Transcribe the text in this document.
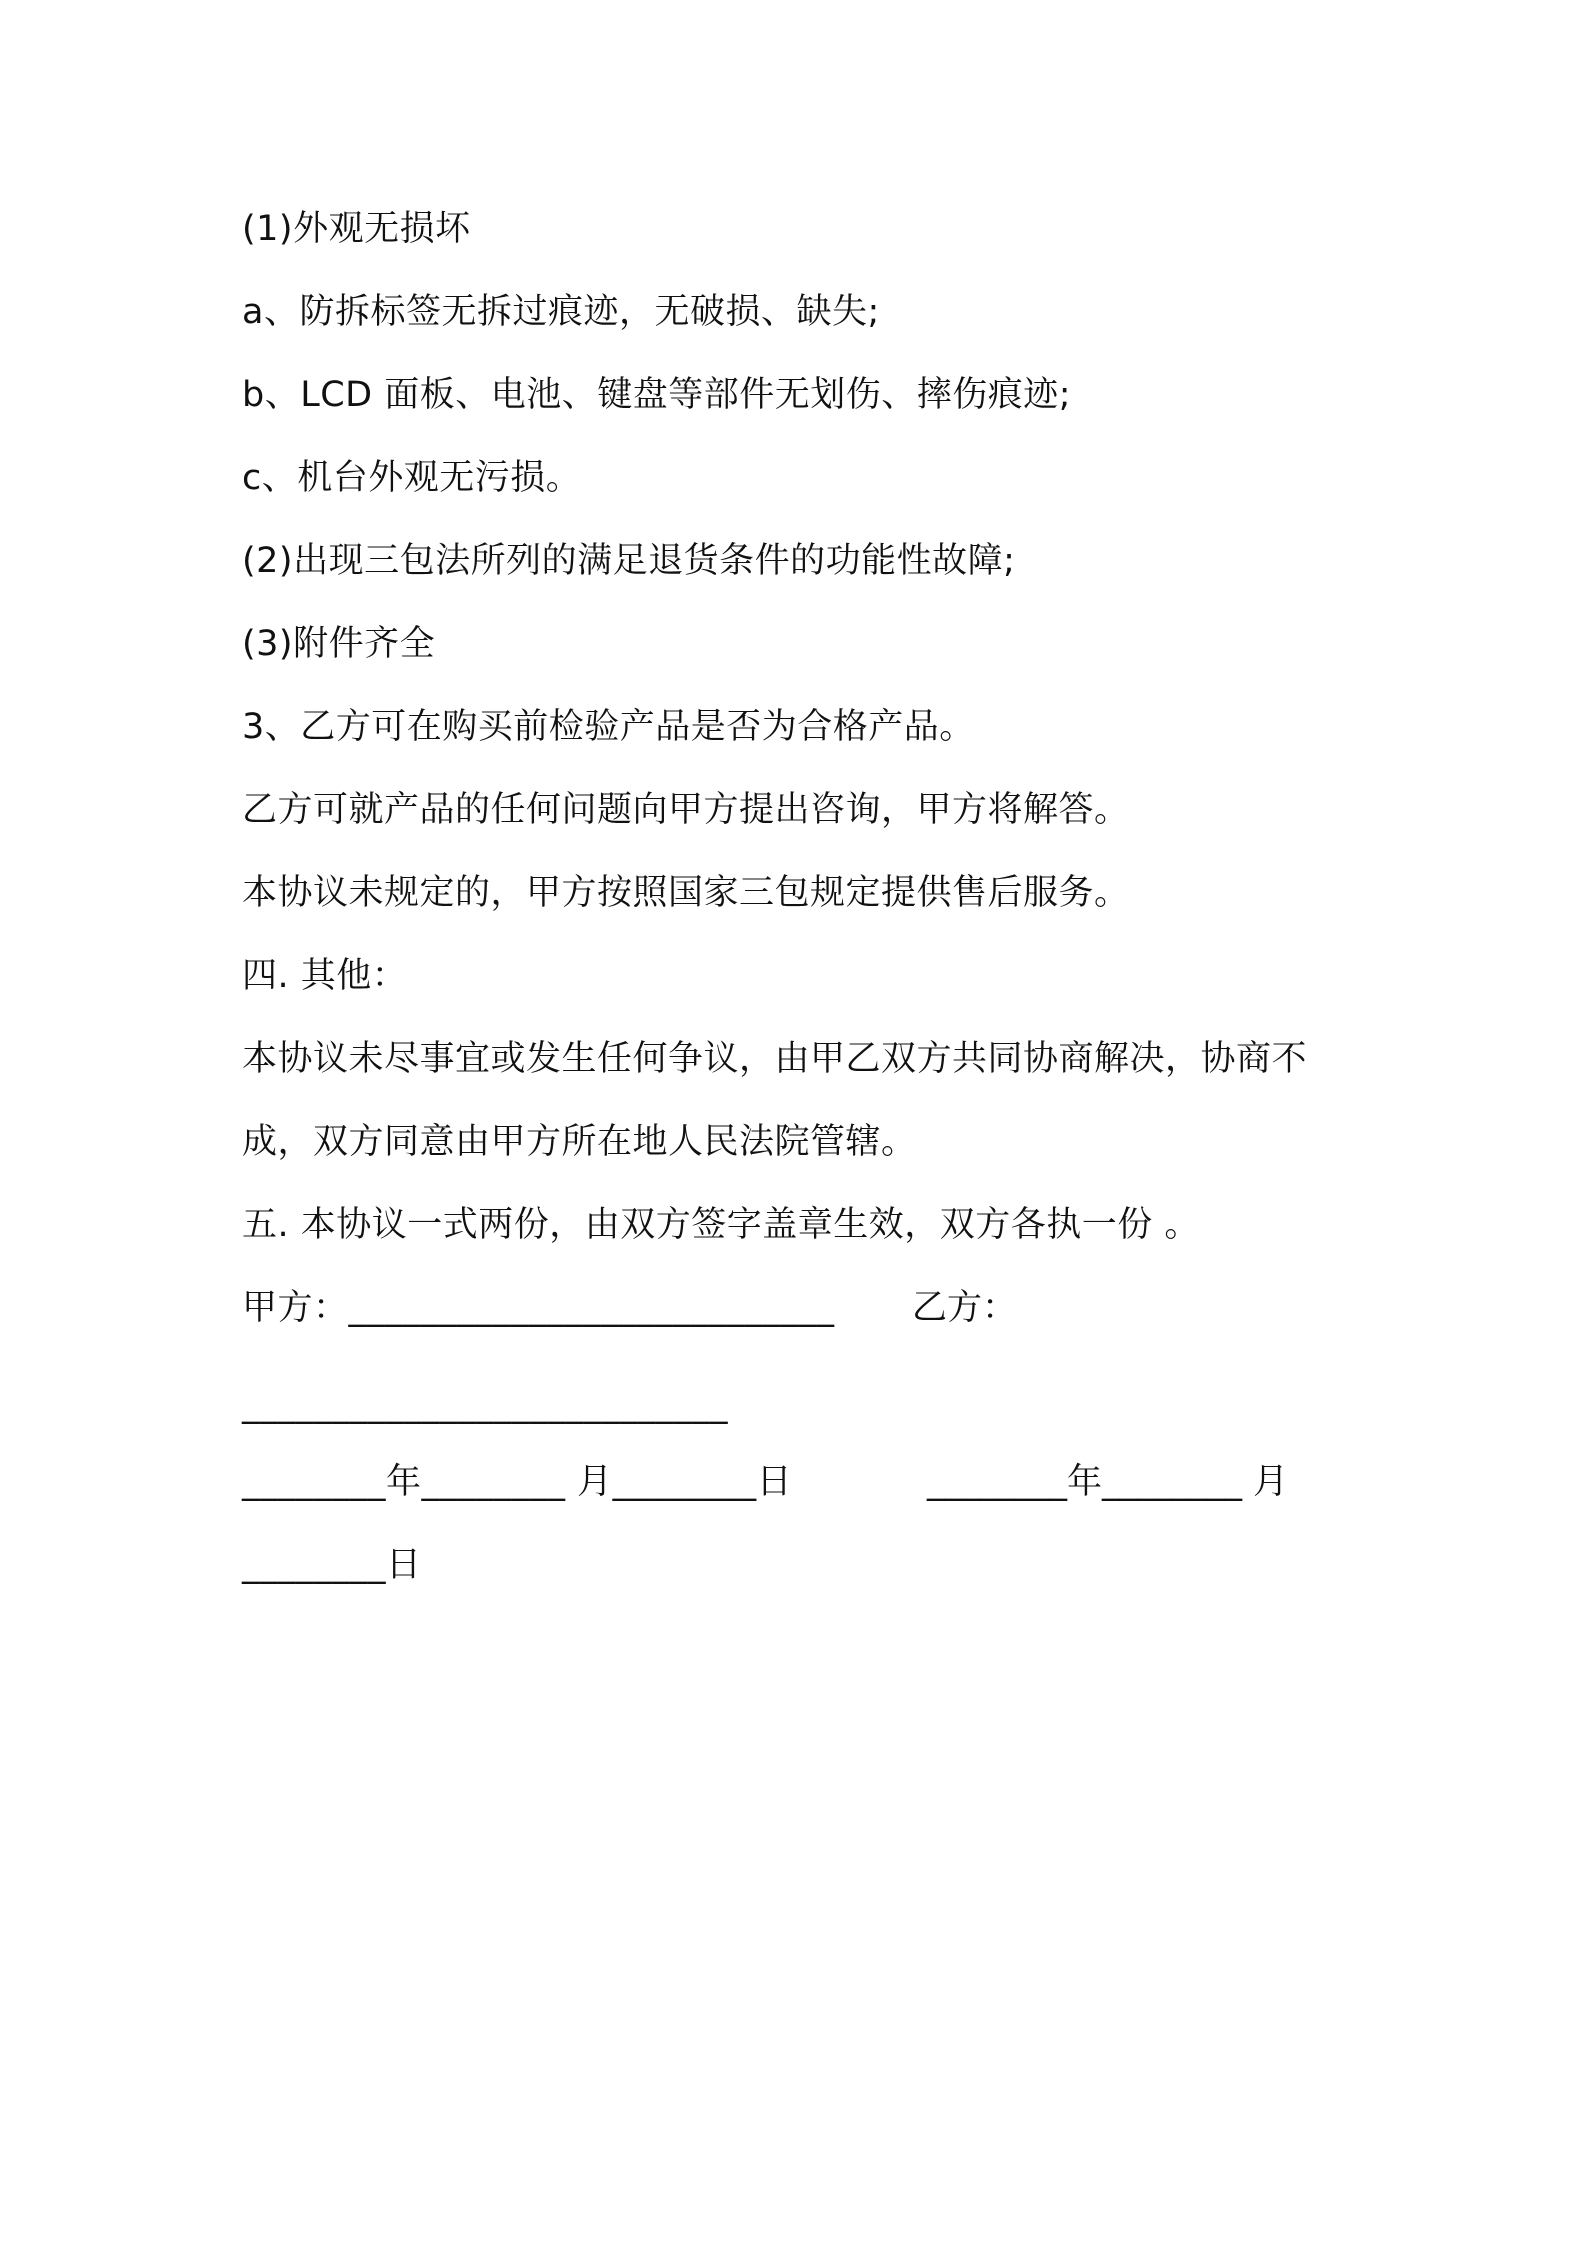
(1)外观无损坏
a、防拆标签无拆过痕迹，无破损、缺失;
b、LCD 面板、电池、键盘等部件无划伤、摔伤痕迹;
c、机台外观无污损。
(2)出现三包法所列的满足退货条件的功能性故障;
(3)附件齐全
3、乙方可在购买前检验产品是否为合格产品。
乙方可就产品的任何问题向甲方提出咨询，甲方将解答。
本协议未规定的，甲方按照国家三包规定提供售后服务。
四. 其他：
本协议未尽事宜或发生任何争议，由甲乙双方共同协商解决，协商不
成，双方同意由甲方所在地人民法院管辖。
五. 本协议一式两份，由双方签字盖章生效，双方各执一份 。
甲方：___________________________ 乙方：
___________________________
________年________ 月________日	________年________ 月
________日
